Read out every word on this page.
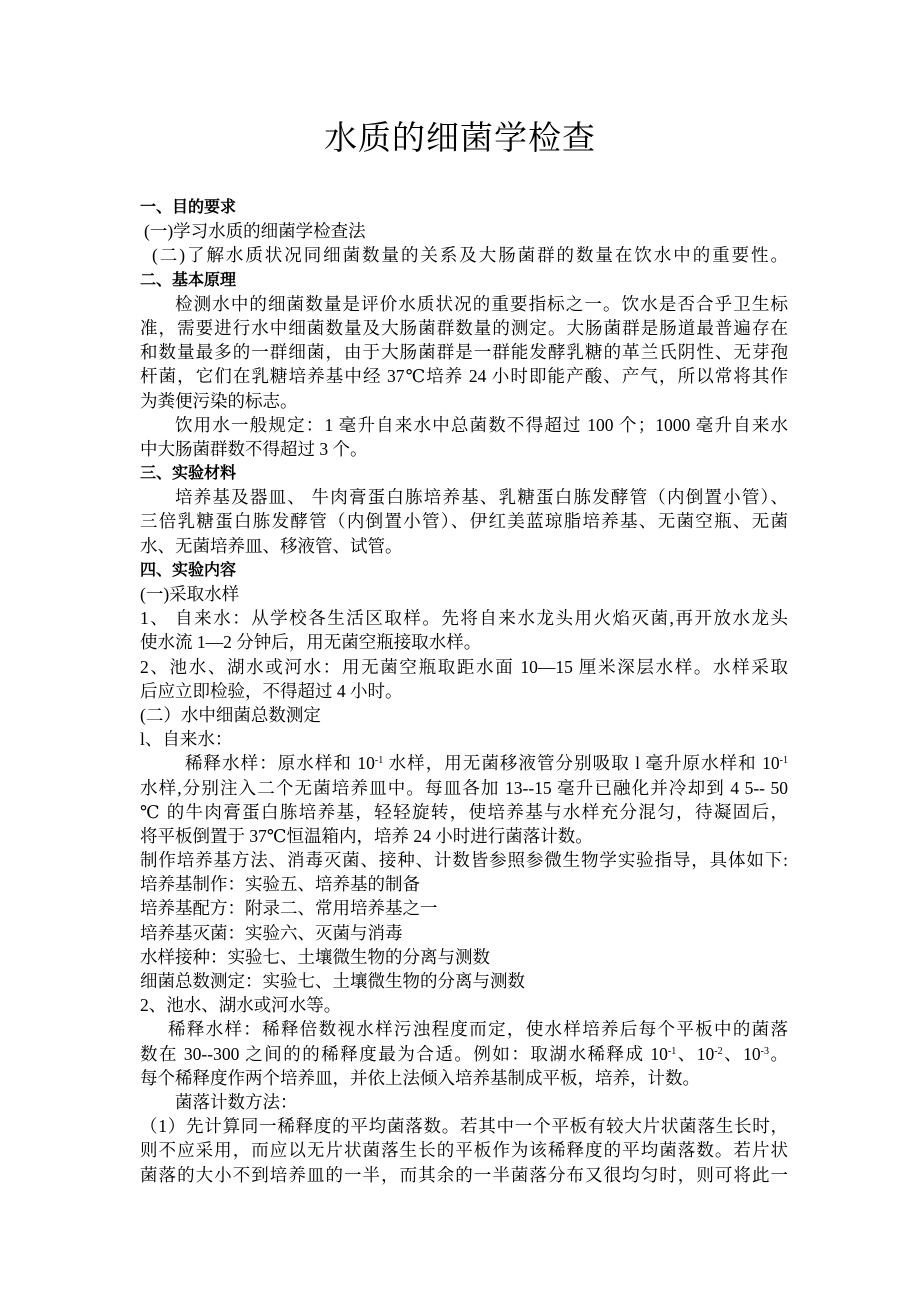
水质的细菌学检查
一、目的要求
(一)学习水质的细菌学检查法
(二)了解水质状况同细菌数量的关系及大肠菌群的数量在饮水中的重要性。
二、基本原理
检测水中的细菌数量是评价水质状况的重要指标之一。饮水是否合乎卫生标
准，需要进行水中细菌数量及大肠菌群数量的测定。大肠菌群是肠道最普遍存在
和数量最多的一群细菌，由于大肠菌群是一群能发酵乳糖的革兰氏阴性、无芽孢
杆菌，它们在乳糖培养基中经 37℃培养 24 小时即能产酸、产气，所以常将其作
为粪便污染的标志。
饮用水一般规定：1 毫升自来水中总菌数不得超过 100 个；1000 毫升自来水
中大肠菌群数不得超过 3 个。
三、实验材料
培养基及器皿、 牛肉膏蛋白胨培养基、乳糖蛋白胨发酵管（内倒置小管）、
三倍乳糖蛋白胨发酵管（内倒置小管）、伊红美蓝琼脂培养基、无菌空瓶、无菌
水、无菌培养皿、移液管、试管。
四、实验内容
(一)采取水样
1、 自来水：从学校各生活区取样。先将自来水龙头用火焰灭菌,再开放水龙头
使水流 1—2 分钟后，用无菌空瓶接取水样。
2、池水、湖水或河水：用无菌空瓶取距水面 10—15 厘米深层水样。水样采取
后应立即检验，不得超过 4 小时。
(二）水中细菌总数测定
l、自来水：
稀释水样：原水样和 $10^{-1}$ 水样，用无菌移液管分别吸取 l 毫升原水样和 $10^{-1}$
水样,分别注入二个无菌培养皿中。每皿各加 13--15 毫升已融化并冷却到 4 5-- 50
℃ 的牛肉膏蛋白胨培养基，轻轻旋转，使培养基与水样充分混匀，待凝固后，
将平板倒置于 37℃恒温箱内，培养 24 小时进行菌落计数。
制作培养基方法、消毒灭菌、接种、计数皆参照参微生物学实验指导，具体如下:
培养基制作：实验五、培养基的制备
培养基配方：附录二、常用培养基之一
培养基灭菌：实验六、灭菌与消毒
水样接种：实验七、土壤微生物的分离与测数
细菌总数测定：实验七、土壤微生物的分离与测数
2、池水、湖水或河水等。
稀释水样：稀释倍数视水样污浊程度而定，使水样培养后每个平板中的菌落
数在 30--300 之间的的稀释度最为合适。例如：取湖水稀释成 $10^{-1}$、$10^{-2}$、$10^{-3}$。
每个稀释度作两个培养皿，并依上法倾入培养基制成平板，培养，计数。
菌落计数方法：
（1）先计算同一稀释度的平均菌落数。若其中一个平板有较大片状菌落生长时，
则不应采用，而应以无片状菌落生长的平板作为该稀释度的平均菌落数。若片状
菌落的大小不到培养皿的一半，而其余的一半菌落分布又很均匀时，则可将此一
